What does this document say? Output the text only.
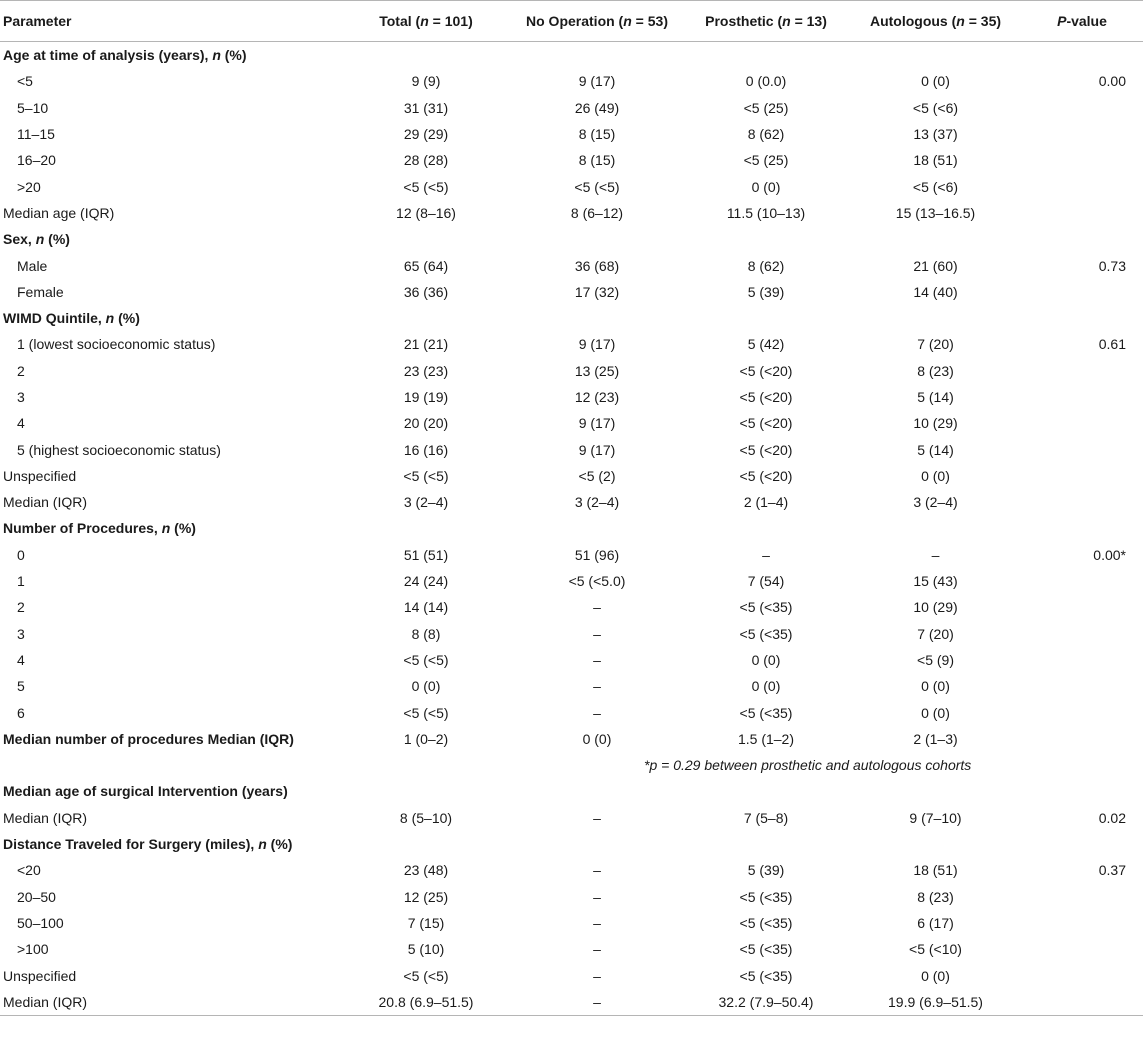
Parameter	Total (n = 101)	No Operation (n = 53)	Prosthetic (n = 13)	Autologous (n = 35)	P-value
Age at time of analysis (years), n (%)					
<5	9 (9)	9 (17)	0 (0.0)	0 (0)	0.00
5–10	31 (31)	26 (49)	<5 (25)	<5 (<6)	
11–15	29 (29)	8 (15)	8 (62)	13 (37)	
16–20	28 (28)	8 (15)	<5 (25)	18 (51)	
>20	<5 (<5)	<5 (<5)	0 (0)	<5 (<6)	
Median age (IQR)	12 (8–16)	8 (6–12)	11.5 (10–13)	15 (13–16.5)	
Sex, n (%)					
Male	65 (64)	36 (68)	8 (62)	21 (60)	0.73
Female	36 (36)	17 (32)	5 (39)	14 (40)	
WIMD Quintile, n (%)					
1 (lowest socioeconomic status)	21 (21)	9 (17)	5 (42)	7 (20)	0.61
2	23 (23)	13 (25)	<5 (<20)	8 (23)	
3	19 (19)	12 (23)	<5 (<20)	5 (14)	
4	20 (20)	9 (17)	<5 (<20)	10 (29)	
5 (highest socioeconomic status)	16 (16)	9 (17)	<5 (<20)	5 (14)	
Unspecified	<5 (<5)	<5 (2)	<5 (<20)	0 (0)	
Median (IQR)	3 (2–4)	3 (2–4)	2 (1–4)	3 (2–4)	
Number of Procedures, n (%)					
0	51 (51)	51 (96)	–	–	0.00*
1	24 (24)	<5 (<5.0)	7 (54)	15 (43)	
2	14 (14)	–	<5 (<35)	10 (29)	
3	8 (8)	–	<5 (<35)	7 (20)	
4	<5 (<5)	–	0 (0)	<5 (9)	
5	0 (0)	–	0 (0)	0 (0)	
6	<5 (<5)	–	<5 (<35)	0 (0)	
Median number of procedures Median (IQR)	1 (0–2)	0 (0)	1.5 (1–2)	2 (1–3)	
		*p = 0.29 between prosthetic and autologous cohorts			
Median age of surgical Intervention (years)					
Median (IQR)	8 (5–10)	–	7 (5–8)	9 (7–10)	0.02
Distance Traveled for Surgery (miles), n (%)					
<20	23 (48)	–	5 (39)	18 (51)	0.37
20–50	12 (25)	–	<5 (<35)	8 (23)	
50–100	7 (15)	–	<5 (<35)	6 (17)	
>100	5 (10)	–	<5 (<35)	<5 (<10)	
Unspecified	<5 (<5)	–	<5 (<35)	0 (0)	
Median (IQR)	20.8 (6.9–51.5)	–	32.2 (7.9–50.4)	19.9 (6.9–51.5)	
